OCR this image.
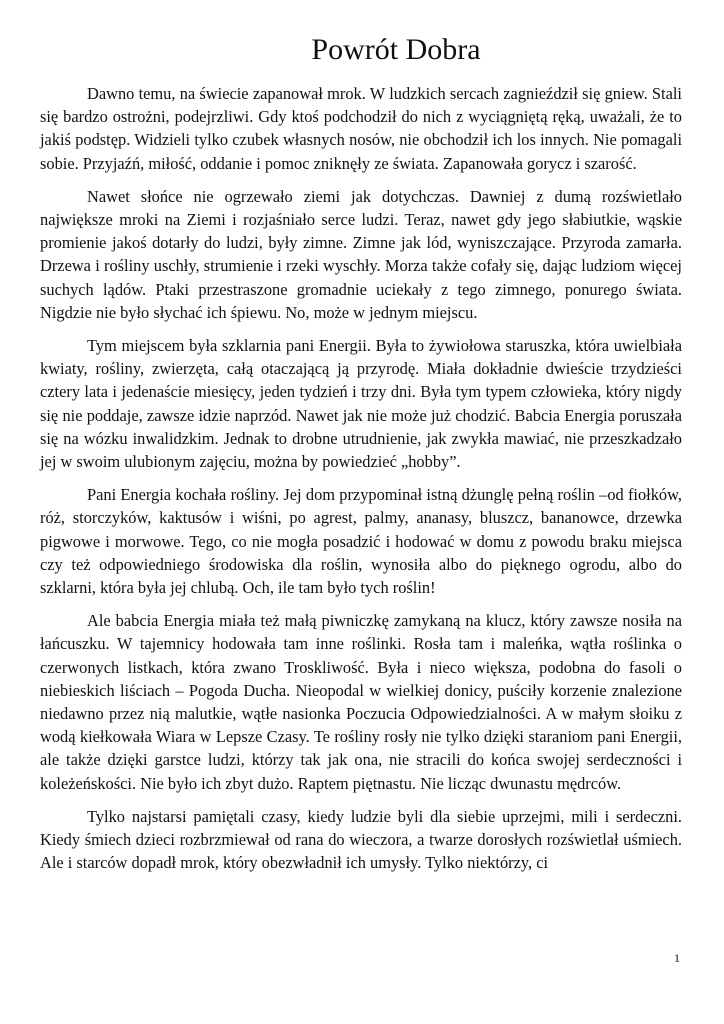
Powrót Dobra

Dawno temu, na świecie zapanował mrok. W ludzkich sercach zagnieździł się gniew. Stali się bardzo ostrożni, podejrzliwi. Gdy ktoś podchodził do nich z wyciągniętą ręką, uważali, że to jakiś podstęp. Widzieli tylko czubek własnych nosów, nie obchodził ich los innych. Nie pomagali sobie. Przyjaźń, miłość, oddanie i pomoc zniknęły ze świata. Zapanowała gorycz i szarość.

Nawet słońce nie ogrzewało ziemi jak dotychczas. Dawniej z dumą rozświetlało największe mroki na Ziemi i rozjaśniało serce ludzi. Teraz, nawet gdy jego słabiutkie, wąskie promienie jakoś dotarły do ludzi, były zimne. Zimne jak lód, wyniszczające. Przyroda zamarła. Drzewa i rośliny uschły, strumienie i rzeki wyschły. Morza także cofały się, dając ludziom więcej suchych lądów. Ptaki przestraszone gromadnie uciekały z tego zimnego, ponurego świata. Nigdzie nie było słychać ich śpiewu. No, może w jednym miejscu.

Tym miejscem była szklarnia pani Energii. Była to żywiołowa staruszka, która uwielbiała kwiaty, rośliny, zwierzęta, całą otaczającą ją przyrodę. Miała dokładnie dwieście trzydzieści cztery lata i jedenaście miesięcy, jeden tydzień i trzy dni. Była tym typem człowieka, który nigdy się nie poddaje, zawsze idzie naprzód. Nawet jak nie może już chodzić. Babcia Energia poruszała się na wózku inwalidzkim. Jednak to drobne utrudnienie, jak zwykła mawiać, nie przeszkadzało jej w swoim ulubionym zajęciu, można by powiedzieć „hobby”.

Pani Energia kochała rośliny. Jej dom przypominał istną dżunglę pełną roślin –od fiołków, róż, storczyków, kaktusów i wiśni, po agrest, palmy, ananasy, bluszcz, bananowce, drzewka pigwowe i morwowe. Tego, co nie mogła posadzić i hodować w domu z powodu braku miejsca czy też odpowiedniego środowiska dla roślin, wynosiła albo do pięknego ogrodu, albo do szklarni, która była jej chlubą. Och, ile tam było tych roślin!

Ale babcia Energia miała też małą piwniczkę zamykaną na klucz, który zawsze nosiła na łańcuszku. W tajemnicy hodowała tam inne roślinki. Rosła tam i maleńka, wątła roślinka o czerwonych listkach, która zwano Troskliwość. Była i nieco większa, podobna do fasoli o niebieskich liściach – Pogoda Ducha. Nieopodal w wielkiej donicy, puściły korzenie znalezione niedawno przez nią malutkie, wątłe nasionka Poczucia Odpowiedzialności. A w małym słoiku z wodą kiełkowała Wiara w Lepsze Czasy. Te rośliny rosły nie tylko dzięki staraniom pani Energii, ale także dzięki garstce ludzi, którzy tak jak ona, nie stracili do końca swojej serdeczności i koleżeńskości. Nie było ich zbyt dużo. Raptem piętnastu. Nie licząc dwunastu mędrców.

Tylko najstarsi pamiętali czasy, kiedy ludzie byli dla siebie uprzejmi, mili i serdeczni. Kiedy śmiech dzieci rozbrzmiewał od rana do wieczora, a twarze dorosłych rozświetlał uśmiech. Ale i starców dopadł mrok, który obezwładnił ich umysły. Tylko niektórzy, ci

1
